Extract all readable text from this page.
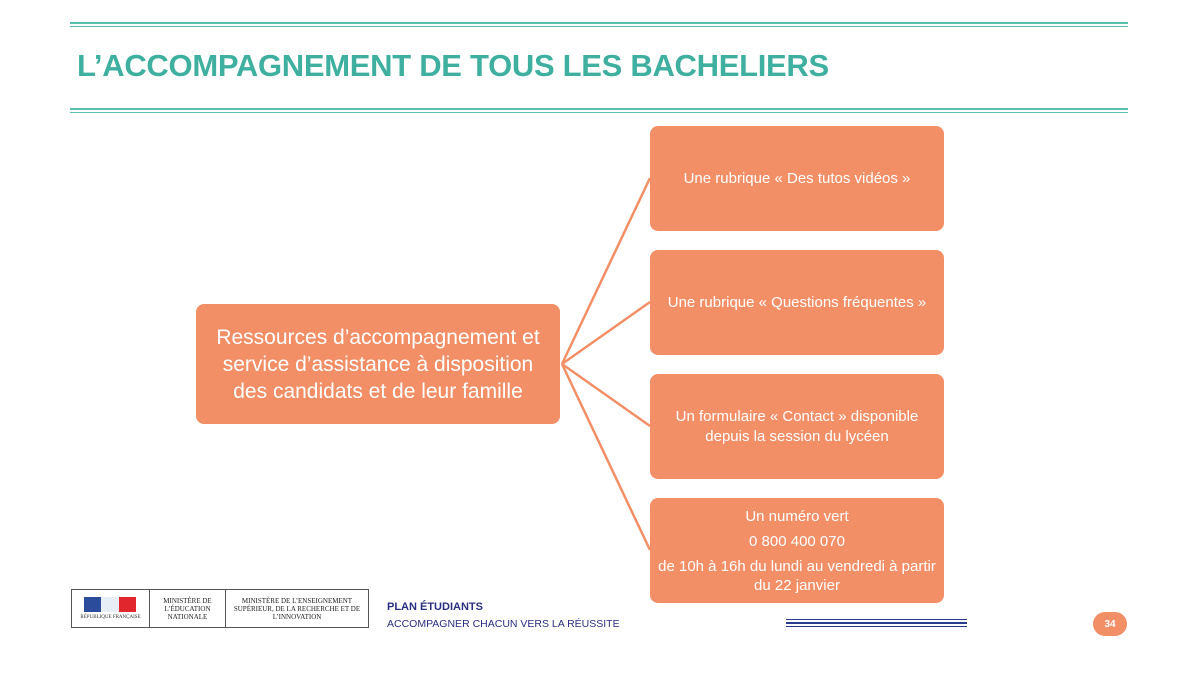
L’ACCOMPAGNEMENT DE TOUS LES BACHELIERS
Ressources d’accompagnement et service d’assistance à disposition des candidats et de leur famille
Une rubrique « Des tutos vidéos »
Une rubrique « Questions fréquentes »
Un formulaire « Contact » disponible depuis la session du lycéen
Un numéro vert
0 800 400 070
de 10h à 16h du lundi au vendredi à partir du 22 janvier
RÉPUBLIQUE FRANÇAISE
MINISTÈRE DE L’ÉDUCATION NATIONALE
MINISTÈRE DE L’ENSEIGNEMENT SUPÉRIEUR, DE LA RECHERCHE ET DE L’INNOVATION
PLAN ÉTUDIANTS
ACCOMPAGNER CHACUN VERS LA RÉUSSITE	34
